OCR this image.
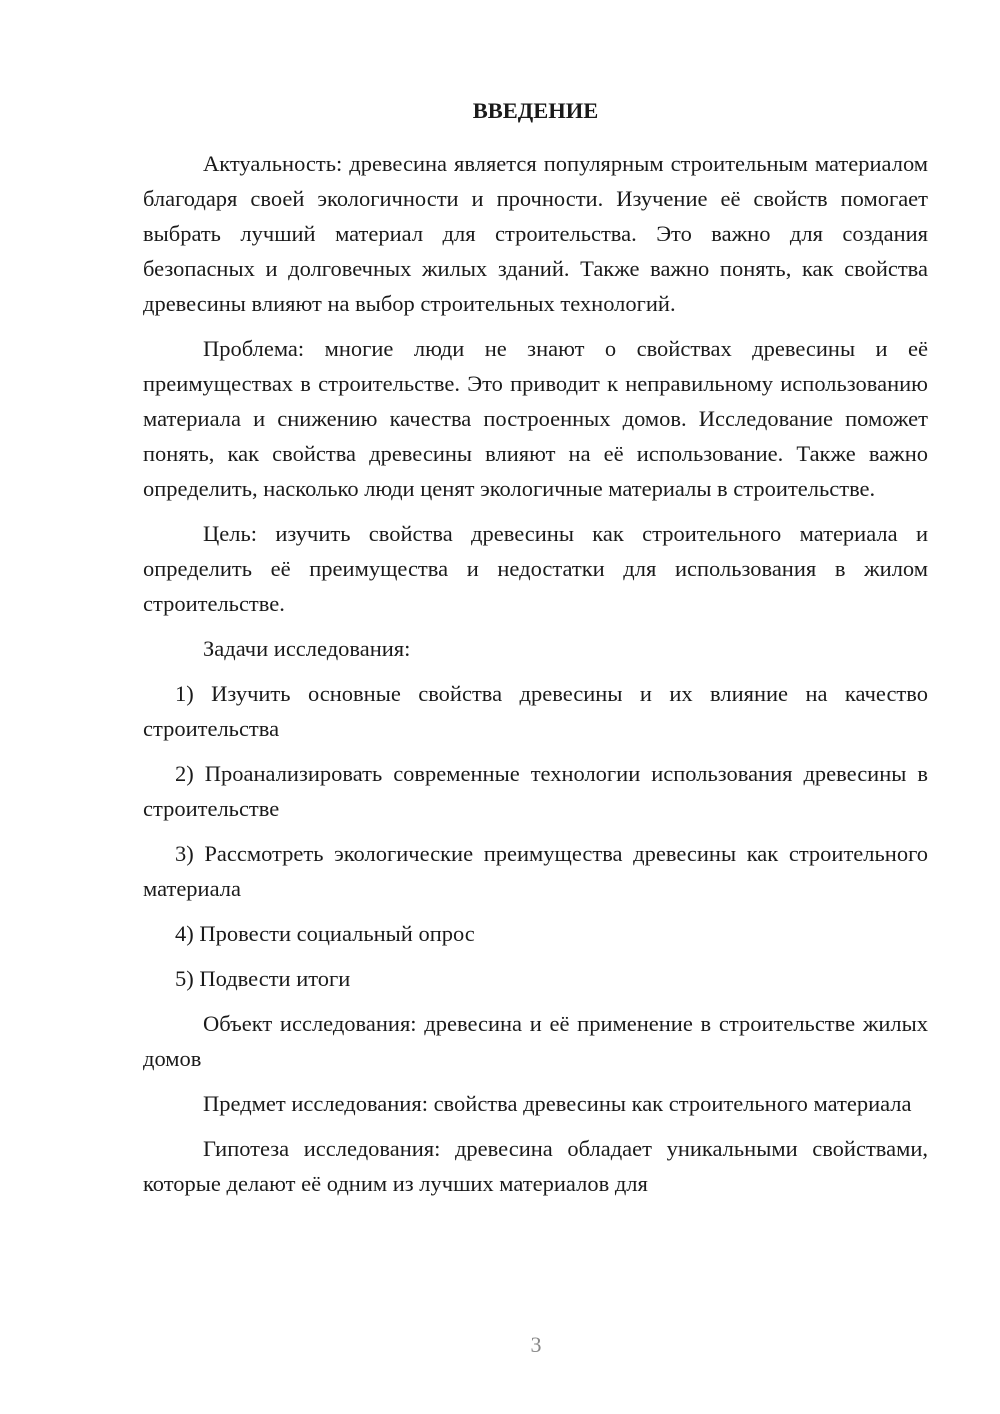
ВВЕДЕНИЕ

Актуальность: древесина является популярным строительным материалом благодаря своей экологичности и прочности. Изучение её свойств помогает выбрать лучший материал для строительства. Это важно для создания безопасных и долговечных жилых зданий. Также важно понять, как свойства древесины влияют на выбор строительных технологий.

Проблема: многие люди не знают о свойствах древесины и её преимуществах в строительстве. Это приводит к неправильному использованию материала и снижению качества построенных домов. Исследование поможет понять, как свойства древесины влияют на её использование. Также важно определить, насколько люди ценят экологичные материалы в строительстве.

Цель: изучить свойства древесины как строительного материала и определить её преимущества и недостатки для использования в жилом строительстве.

Задачи исследования:

1) Изучить основные свойства древесины и их влияние на качество строительства

2) Проанализировать современные технологии использования древесины в строительстве

3) Рассмотреть экологические преимущества древесины как строительного материала

4) Провести социальный опрос

5) Подвести итоги

Объект исследования: древесина и её применение в строительстве жилых домов

Предмет исследования: свойства древесины как строительного материала

Гипотеза исследования: древесина обладает уникальными свойствами, которые делают её одним из лучших материалов для

3
